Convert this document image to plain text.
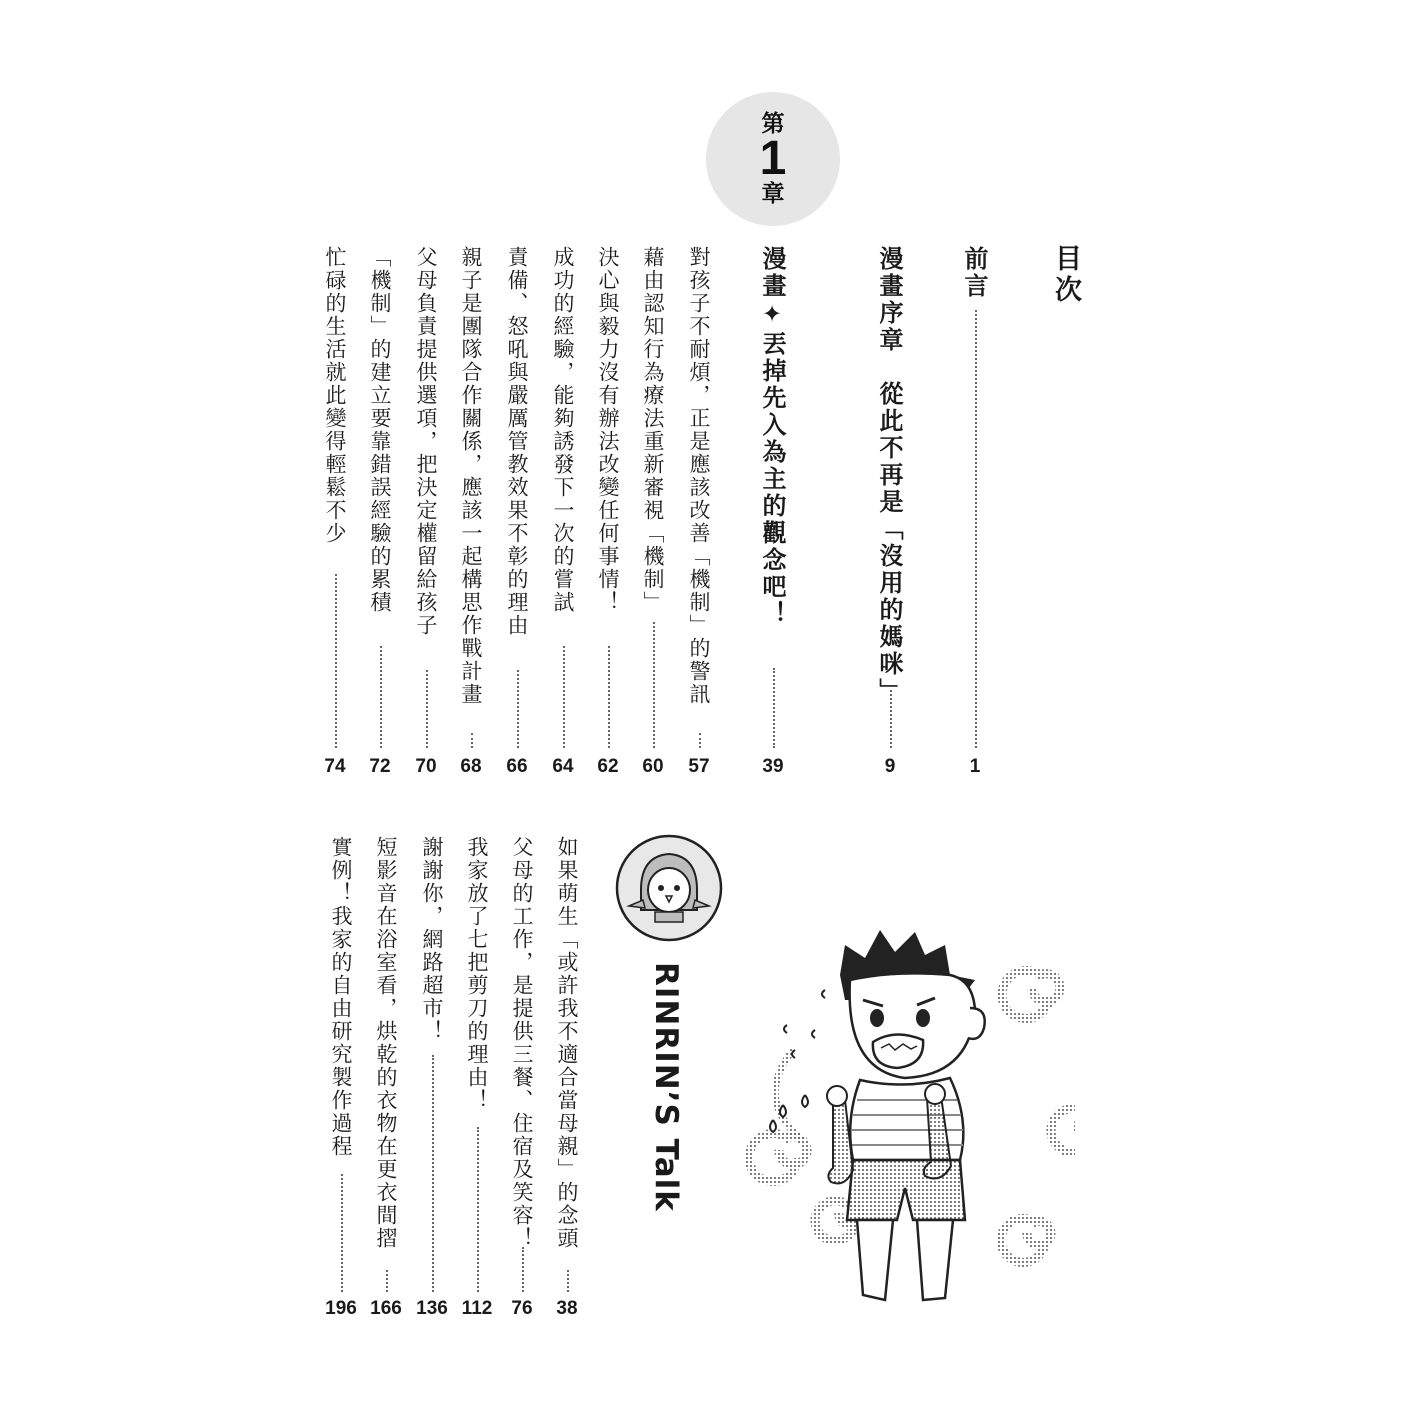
目次
第
1
章
前言
1
漫畫序章　從此不再是「沒用的媽咪」
9
漫畫✦丟掉先入為主的觀念吧！
39
對孩子不耐煩，正是應該改善「機制」的警訊
57
藉由認知行為療法重新審視「機制」
60
決心與毅力沒有辦法改變任何事情！
62
成功的經驗，能夠誘發下一次的嘗試
64
責備、怒吼與嚴厲管教效果不彰的理由
66
親子是團隊合作關係，應該一起構思作戰計畫
68
父母負責提供選項，把決定權留給孩子
70
「機制」的建立要靠錯誤經驗的累積
72
忙碌的生活就此變得輕鬆不少
74
RINRIN’S Talk
如果萌生「或許我不適合當母親」的念頭
38
父母的工作，是提供三餐、住宿及笑容！
76
我家放了七把剪刀的理由！
112
謝謝你，網路超市！
136
短影音在浴室看，烘乾的衣物在更衣間摺
166
實例！我家的自由研究製作過程
196
